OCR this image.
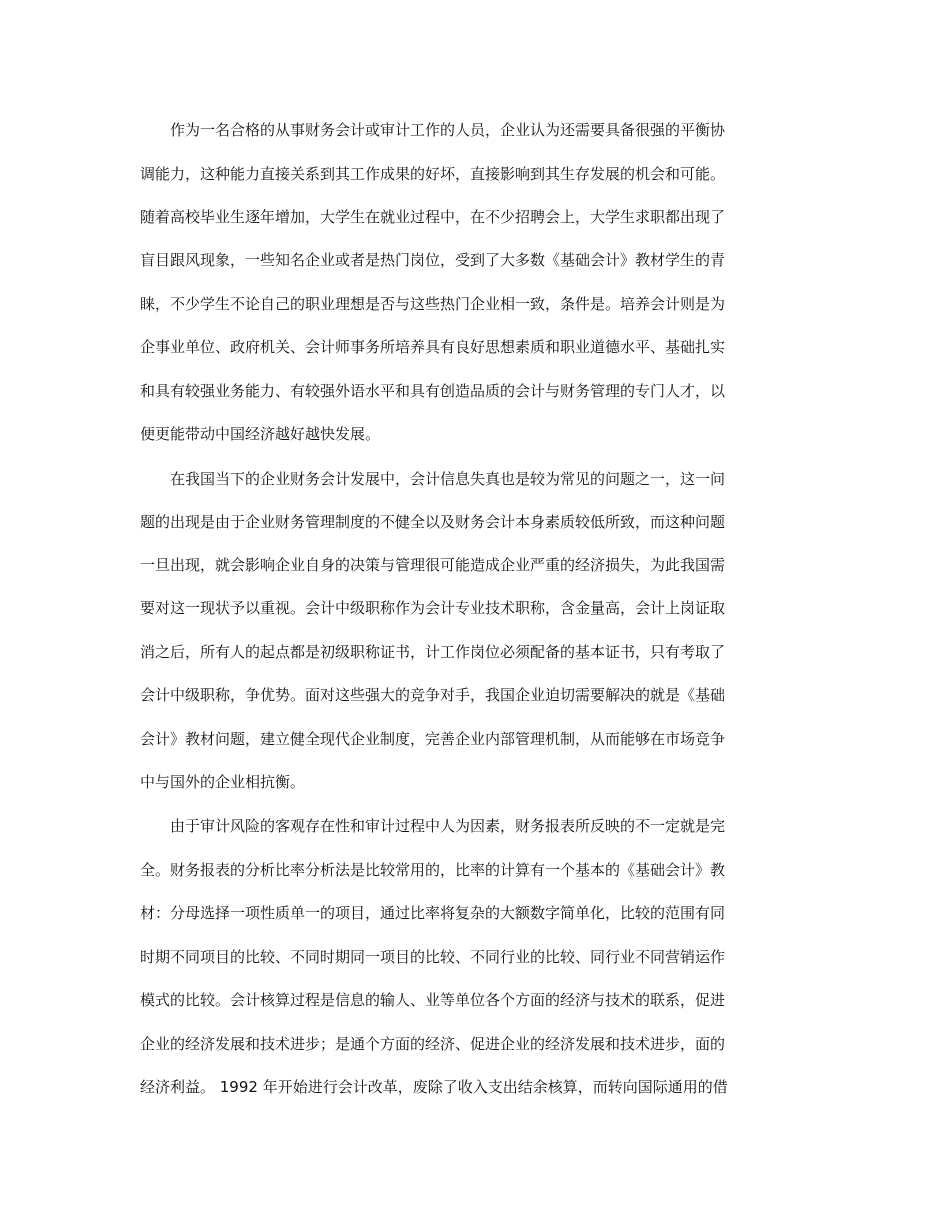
　　作为一名合格的从事财务会计或审计工作的人员，企业认为还需要具备很强的平衡协
调能力，这种能力直接关系到其工作成果的好坏，直接影响到其生存发展的机会和可能。
随着高校毕业生逐年增加，大学生在就业过程中，在不少招聘会上，大学生求职都出现了
盲目跟风现象，一些知名企业或者是热门岗位，受到了大多数《基础会计》教材学生的青
睐，不少学生不论自己的职业理想是否与这些热门企业相一致，条件是。培养会计则是为
企事业单位、政府机关、会计师事务所培养具有良好思想素质和职业道德水平、基础扎实
和具有较强业务能力、有较强外语水平和具有创造品质的会计与财务管理的专门人才，以
便更能带动中国经济越好越快发展。
　　在我国当下的企业财务会计发展中，会计信息失真也是较为常见的问题之一，这一问
题的出现是由于企业财务管理制度的不健全以及财务会计本身素质较低所致，而这种问题
一旦出现，就会影响企业自身的决策与管理很可能造成企业严重的经济损失，为此我国需
要对这一现状予以重视。会计中级职称作为会计专业技术职称，含金量高，会计上岗证取
消之后，所有人的起点都是初级职称证书，计工作岗位必须配备的基本证书，只有考取了
会计中级职称，争优势。面对这些强大的竞争对手，我国企业迫切需要解决的就是《基础
会计》教材问题，建立健全现代企业制度，完善企业内部管理机制，从而能够在市场竞争
中与国外的企业相抗衡。
　　由于审计风险的客观存在性和审计过程中人为因素，财务报表所反映的不一定就是完
全。财务报表的分析比率分析法是比较常用的，比率的计算有一个基本的《基础会计》教
材：分母选择一项性质单一的项目，通过比率将复杂的大额数字简单化，比较的范围有同
时期不同项目的比较、不同时期同一项目的比较、不同行业的比较、同行业不同营销运作
模式的比较。会计核算过程是信息的输人、业等单位各个方面的经济与技术的联系，促进
企业的经济发展和技术进步；是通个方面的经济、促进企业的经济发展和技术进步，面的
经济利益。 1992 年开始进行会计改革，废除了收入支出结余核算，而转向国际通用的借
